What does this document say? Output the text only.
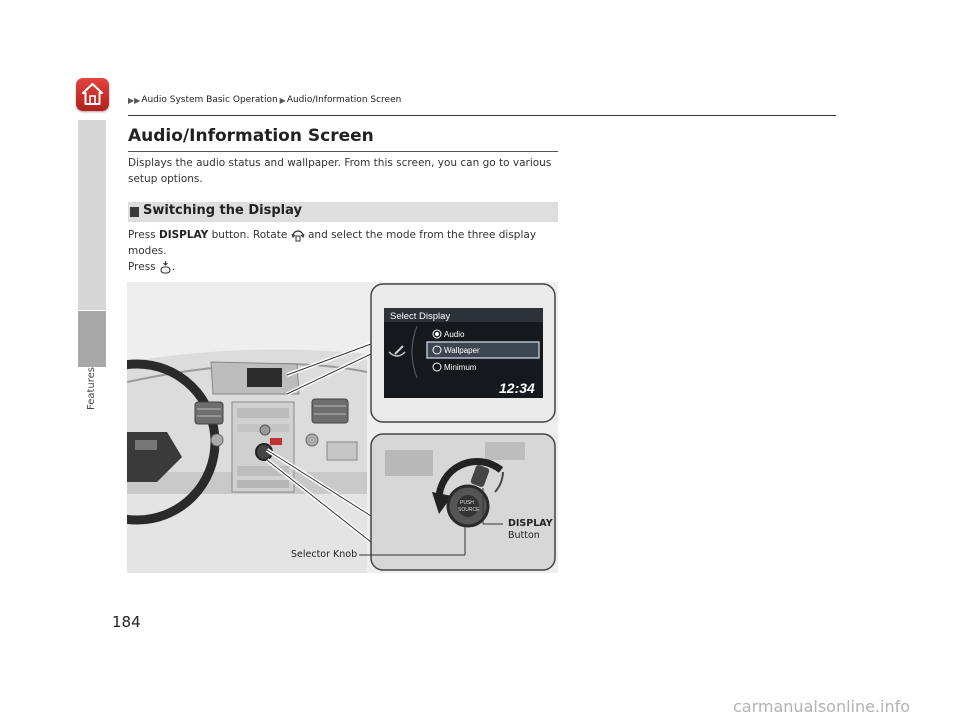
Features
▶▶ Audio System Basic Operation ▶ Audio/Information Screen
Audio/Information Screen
Displays the audio status and wallpaper. From this screen, you can go to various setup options.
Switching the Display
Press DISPLAY button. Rotate  and select the mode from the three display modes.
Press .
Select Display
Audio
Wallpaper
Minimum
12:34
PUSH
SOURCE
DISPLAY
Button
Selector Knob
184
carmanualsonline.info
